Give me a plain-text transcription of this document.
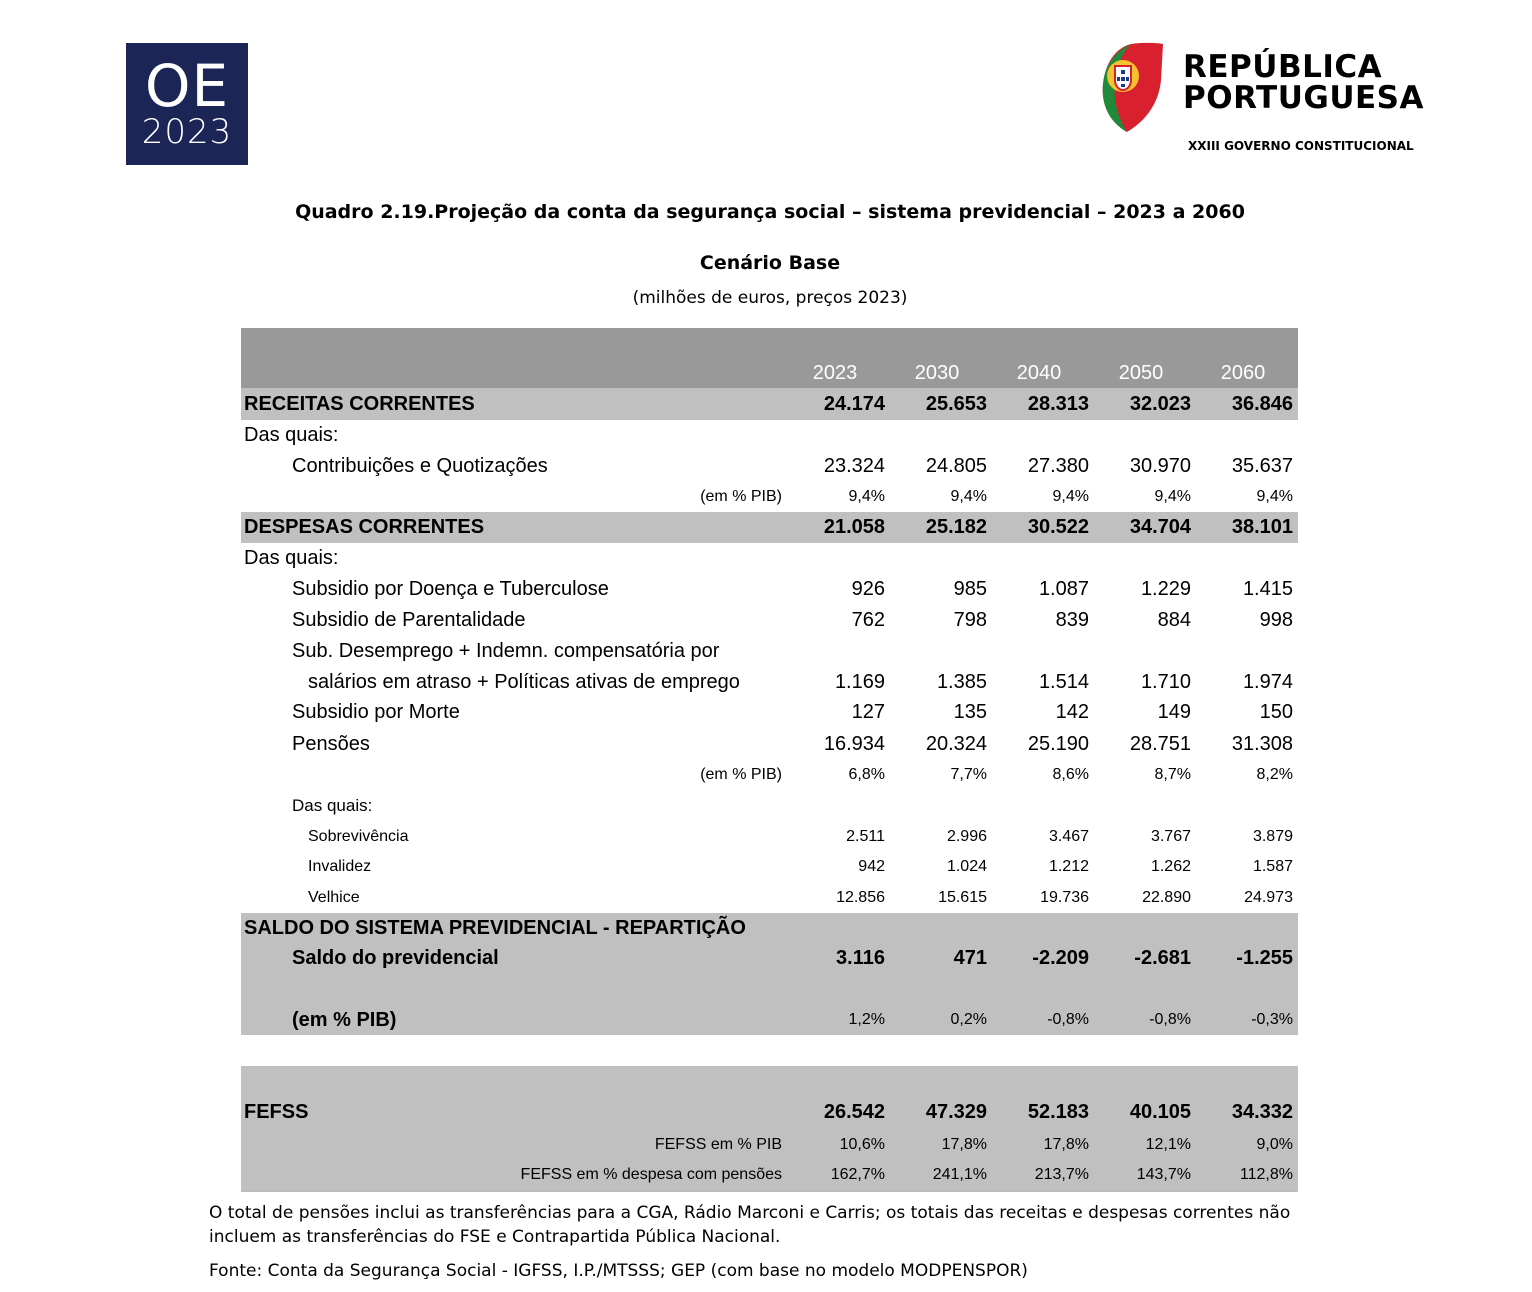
OE
2023
REPÚBLICA
PORTUGUESA
XXIII GOVERNO CONSTITUCIONAL
Quadro 2.19.Projeção da conta da segurança social – sistema previdencial – 2023 a 2060
Cenário Base
(milhões de euros, preços 2023)
2023	2030	2040	2050	2060
RECEITAS CORRENTES	24.174	25.653	28.313	32.023	36.846
Das quais:
Contribuições e Quotizações	23.324	24.805	27.380	30.970	35.637
(em % PIB)	9,4%	9,4%	9,4%	9,4%	9,4%
DESPESAS CORRENTES	21.058	25.182	30.522	34.704	38.101
Das quais:
Subsidio por Doença e Tuberculose	926	985	1.087	1.229	1.415
Subsidio de Parentalidade	762	798	839	884	998
Sub. Desemprego + Indemn. compensatória por
salários em atraso + Políticas ativas de emprego	1.169	1.385	1.514	1.710	1.974
Subsidio por Morte	127	135	142	149	150
Pensões	16.934	20.324	25.190	28.751	31.308
(em % PIB)	6,8%	7,7%	8,6%	8,7%	8,2%
Das quais:
Sobrevivência	2.511	2.996	3.467	3.767	3.879
Invalidez	942	1.024	1.212	1.262	1.587
Velhice	12.856	15.615	19.736	22.890	24.973
SALDO DO SISTEMA PREVIDENCIAL - REPARTIÇÃO
Saldo do previdencial	3.116	471	-2.209	-2.681	-1.255
(em % PIB)	1,2%	0,2%	-0,8%	-0,8%	-0,3%
FEFSS	26.542	47.329	52.183	40.105	34.332
FEFSS em % PIB	10,6%	17,8%	17,8%	12,1%	9,0%
FEFSS em % despesa com pensões	162,7%	241,1%	213,7%	143,7%	112,8%
O total de pensões inclui as transferências para a CGA, Rádio Marconi e Carris; os totais das receitas e despesas correntes não incluem as transferências do FSE e Contrapartida Pública Nacional.
Fonte: Conta da Segurança Social - IGFSS, I.P./MTSSS; GEP (com base no modelo MODPENSPOR)
